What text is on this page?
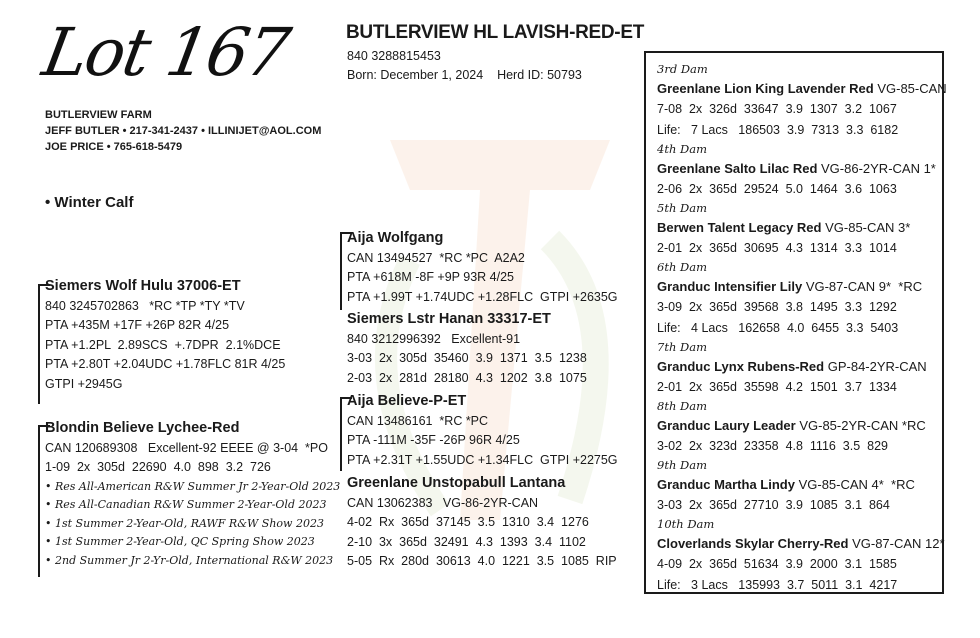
Lot 167
BUTLERVIEW FARM
JEFF BUTLER • 217-341-2437 • ILLINIJET@AOL.COM
JOE PRICE • 765-618-5479
• Winter Calf
BUTLERVIEW HL LAVISH-RED-ET
840 3288815453
Born: December 1, 2024    Herd ID: 50793
Siemers Wolf Hulu 37006-ET
840 3245702863   *RC *TP *TY *TV
PTA +435M +17F +26P 82R 4/25
PTA +1.2PL  2.89SCS  +.7DPR  2.1%DCE
PTA +2.80T +2.04UDC +1.78FLC 81R 4/25
GTPI +2945G
Blondin Believe Lychee-Red
CAN 120689308   Excellent-92 EEEE @ 3-04  *PO
1-09  2x  305d  22690  4.0  898  3.2  726
• Res All-American R&W Summer Jr 2-Year-Old 2023
• Res All-Canadian R&W Summer 2-Year-Old 2023
• 1st Summer 2-Year-Old, RAWF R&W Show 2023
• 1st Summer 2-Year-Old, QC Spring Show 2023
• 2nd Summer Jr 2-Yr-Old, International R&W 2023
Aija Wolfgang
CAN 13494527  *RC *PC  A2A2
PTA +618M -8F +9P 93R 4/25
PTA +1.99T +1.74UDC +1.28FLC  GTPI +2635G
Siemers Lstr Hanan 33317-ET
840 3212996392   Excellent-91
3-03  2x  305d  35460  3.9  1371  3.5  1238
2-03  2x  281d  28180  4.3  1202  3.8  1075
Aija Believe-P-ET
CAN 13486161  *RC *PC
PTA -111M -35F -26P 96R 4/25
PTA +2.31T +1.55UDC +1.34FLC  GTPI +2275G
Greenlane Unstopabull Lantana
CAN 13062383   VG-86-2YR-CAN
4-02  Rx  365d  37145  3.5  1310  3.4  1276
2-10  3x  365d  32491  4.3  1393  3.4  1102
5-05  Rx  280d  30613  4.0  1221  3.5  1085  RIP
3rd Dam
Greenlane Lion King Lavender Red VG-85-CAN
7-08  2x  326d  33647  3.9  1307  3.2  1067
Life:   7 Lacs   186503  3.9  7313  3.3  6182
4th Dam
Greenlane Salto Lilac Red VG-86-2YR-CAN 1*
2-06  2x  365d  29524  5.0  1464  3.6  1063
5th Dam
Berwen Talent Legacy Red VG-85-CAN 3*
2-01  2x  365d  30695  4.3  1314  3.3  1014
6th Dam
Granduc Intensifier Lily VG-87-CAN 9*  *RC
3-09  2x  365d  39568  3.8  1495  3.3  1292
Life:   4 Lacs   162658  4.0  6455  3.3  5403
7th Dam
Granduc Lynx Rubens-Red GP-84-2YR-CAN
2-01  2x  365d  35598  4.2  1501  3.7  1334
8th Dam
Granduc Laury Leader VG-85-2YR-CAN *RC
3-02  2x  323d  23358  4.8  1116  3.5  829
9th Dam
Granduc Martha Lindy VG-85-CAN 4*  *RC
3-03  2x  365d  27710  3.9  1085  3.1  864
10th Dam
Cloverlands Skylar Cherry-Red VG-87-CAN 12*
4-09  2x  365d  51634  3.9  2000  3.1  1585
Life:   3 Lacs   135993  3.7  5011  3.1  4217
